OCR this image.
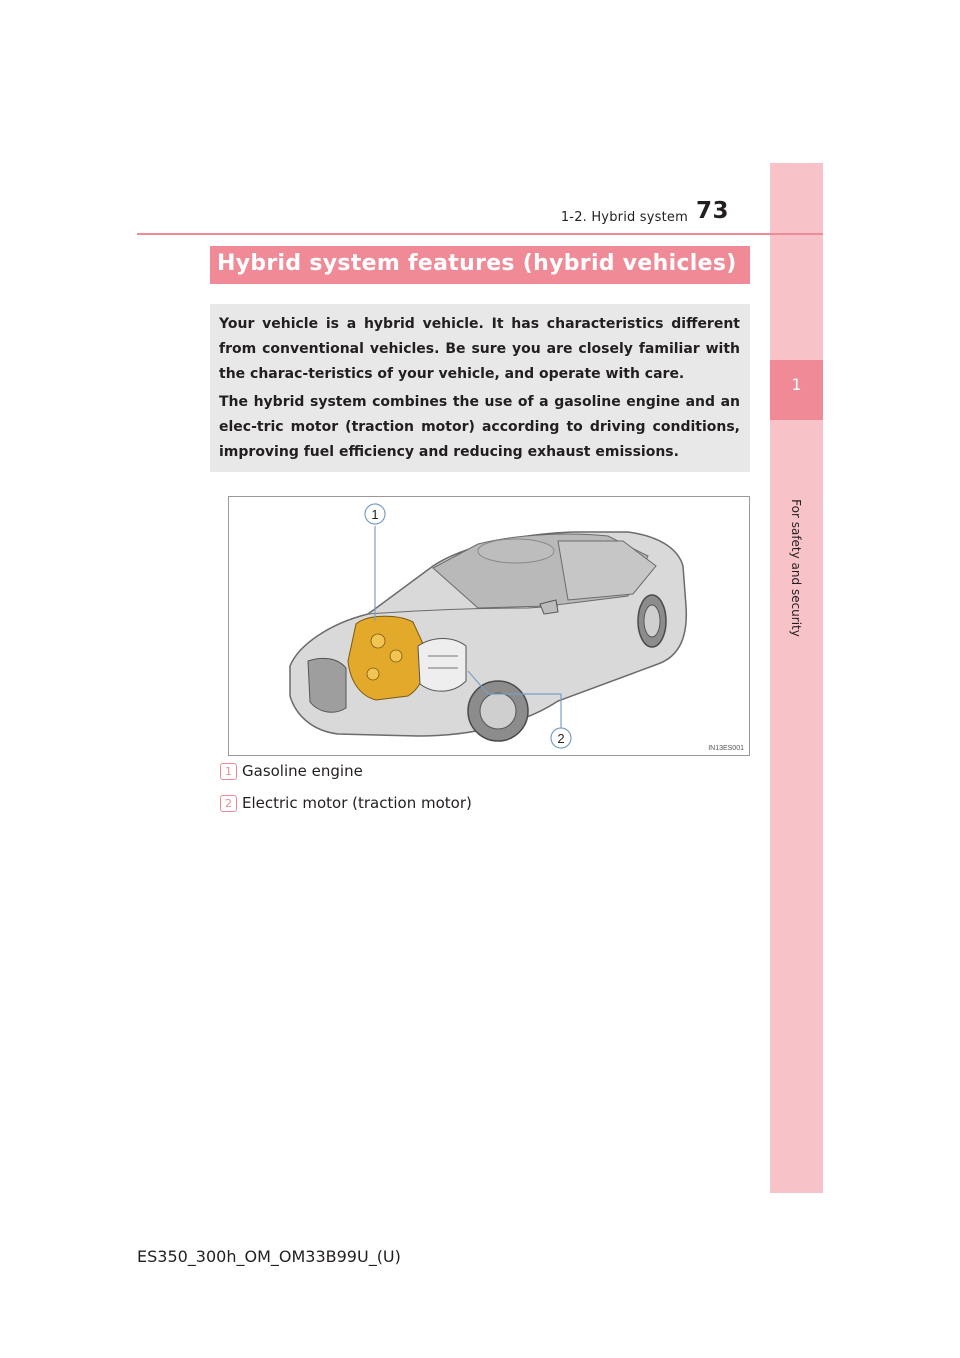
1
For safety and security
1-2. Hybrid system 73
Hybrid system features (hybrid vehicles)
Your vehicle is a hybrid vehicle. It has characteristics different from conventional vehicles. Be sure you are closely familiar with the charac-teristics of your vehicle, and operate with care.
The hybrid system combines the use of a gasoline engine and an elec-tric motor (traction motor) according to driving conditions, improving fuel efficiency and reducing exhaust emissions.
1
2
IN13ES001
1 Gasoline engine
2 Electric motor (traction motor)
ES350_300h_OM_OM33B99U_(U)
